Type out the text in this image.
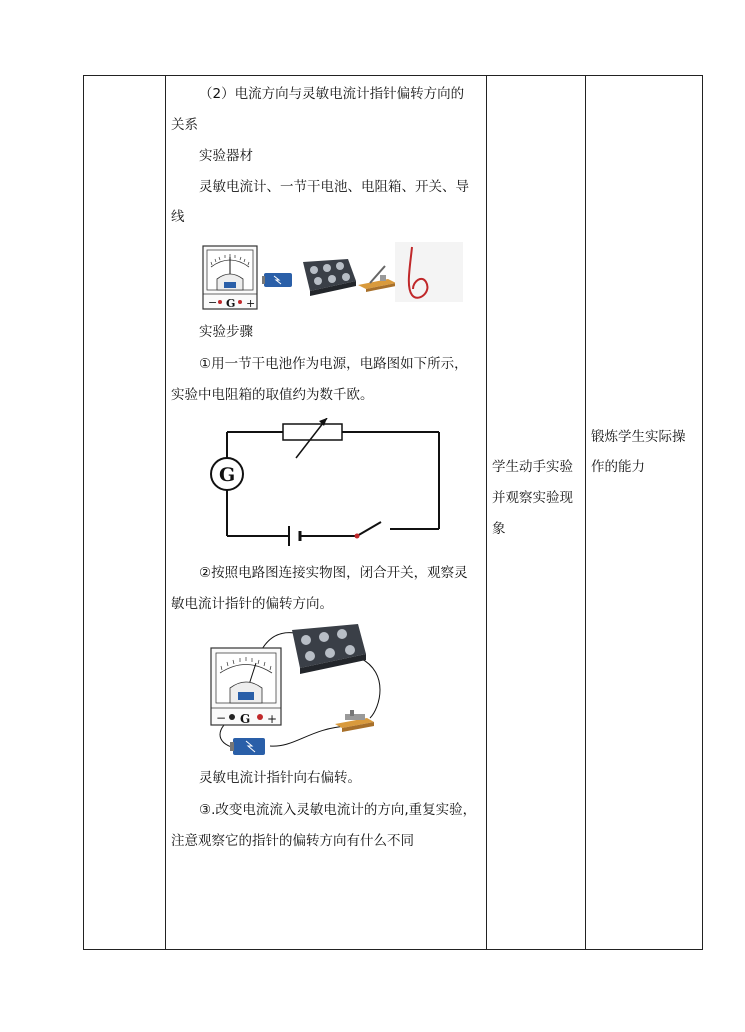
（2）电流方向与灵敏电流计指针偏转方向的
关系
实验器材
灵敏电流计、一节干电池、电阻箱、开关、导
线
− G +
实验步骤
①用一节干电池作为电源，电路图如下所示，
实验中电阻箱的取值约为数千欧。
G
②按照电路图连接实物图，闭合开关，观察灵
敏电流计指针的偏转方向。
− G +
灵敏电流计指针向右偏转。
③.改变电流流入灵敏电流计的方向,重复实验，
注意观察它的指针的偏转方向有什么不同
学生动手实验
并观察实验现
象
锻炼学生实际操
作的能力
